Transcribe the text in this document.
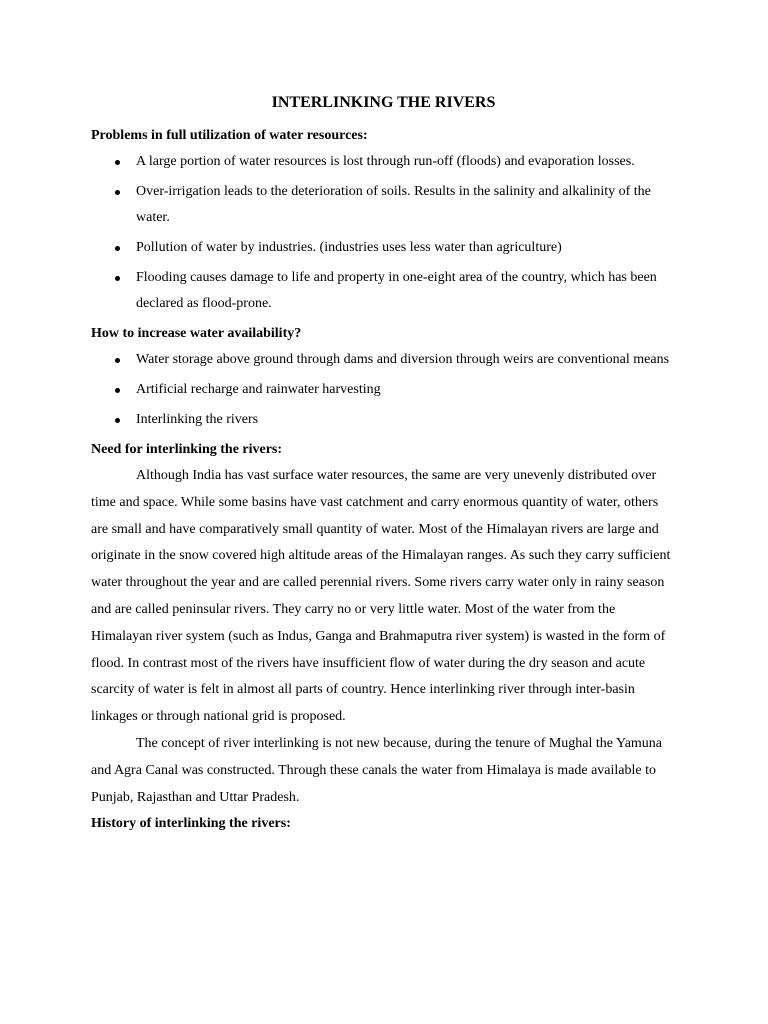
INTERLINKING THE RIVERS
Problems in full utilization of water resources:
A large portion of water resources is lost through run-off (floods) and evaporation losses.
Over-irrigation leads to the deterioration of soils. Results in the salinity and alkalinity of the water.
Pollution of water by industries. (industries uses less water than agriculture)
Flooding causes damage to life and property in one-eight area of the country, which has been declared as flood-prone.
How to increase water availability?
Water storage above ground through dams and diversion through weirs are conventional means
Artificial recharge and rainwater harvesting
Interlinking the rivers
Need for interlinking the rivers:

Although India has vast surface water resources, the same are very unevenly distributed over time and space. While some basins have vast catchment and carry enormous quantity of water, others are small and have comparatively small quantity of water. Most of the Himalayan rivers are large and originate in the snow covered high altitude areas of the Himalayan ranges. As such they carry sufficient water throughout the year and are called perennial rivers. Some rivers carry water only in rainy season and are called peninsular rivers. They carry no or very little water. Most of the water from the Himalayan river system (such as Indus, Ganga and Brahmaputra river system) is wasted in the form of flood. In contrast most of the rivers have insufficient flow of water during the dry season and acute scarcity of water is felt in almost all parts of country. Hence interlinking river through inter-basin linkages or through national grid is proposed.

The concept of river interlinking is not new because, during the tenure of Mughal the Yamuna and Agra Canal was constructed. Through these canals the water from Himalaya is made available to Punjab, Rajasthan and Uttar Pradesh.

History of interlinking the rivers:
